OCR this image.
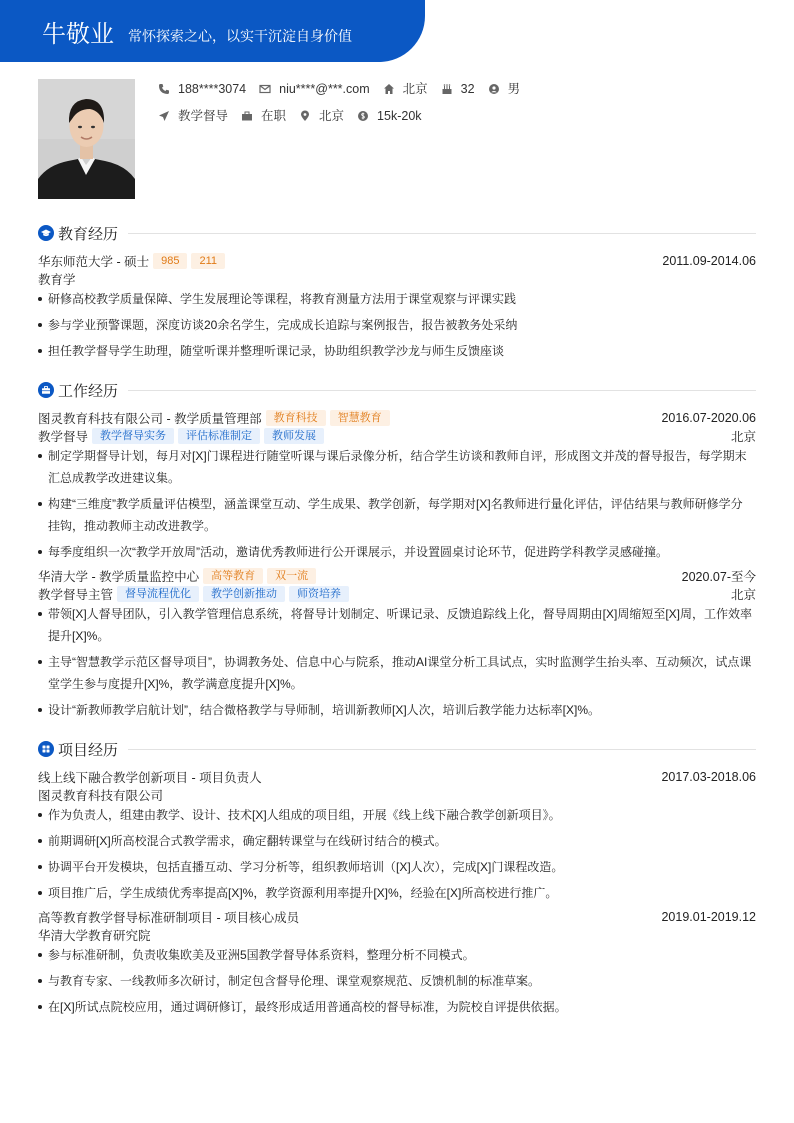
牛敬业 常怀探索之心，以实干沉淀自身价值
188****3074	niu****@***.com	北京	32	男
教学督导	在职	北京	15k-20k
教育经历
华东师范大学 - 硕士	985	211	2011.09-2014.06
教育学
研修高校教学质量保障、学生发展理论等课程，将教育测量方法用于课堂观察与评课实践
参与学业预警课题，深度访谈20余名学生，完成成长追踪与案例报告，报告被教务处采纳
担任教学督导学生助理，随堂听课并整理听课记录，协助组织教学沙龙与师生反馈座谈
工作经历
图灵教育科技有限公司 - 教学质量管理部	教育科技	智慧教育	2016.07-2020.06
教学督导	教学督导实务	评估标准制定	教师发展	北京
制定学期督导计划，每月对[X]门课程进行随堂听课与课后录像分析，结合学生访谈和教师自评，形成图文并茂的督导报告，每学期末汇总成教学改进建议集。
构建“三维度”教学质量评估模型，涵盖课堂互动、学生成果、教学创新，每学期对[X]名教师进行量化评估，评估结果与教师研修学分挂钩，推动教师主动改进教学。
每季度组织一次“教学开放周”活动，邀请优秀教师进行公开课展示，并设置圆桌讨论环节，促进跨学科教学灵感碰撞。
华清大学 - 教学质量监控中心	高等教育	双一流	2020.07-至今
教学督导主管	督导流程优化	教学创新推动	师资培养	北京
带领[X]人督导团队，引入教学管理信息系统，将督导计划制定、听课记录、反馈追踪线上化，督导周期由[X]周缩短至[X]周，工作效率提升[X]%。
主导“智慧教学示范区督导项目”，协调教务处、信息中心与院系，推动AI课堂分析工具试点，实时监测学生抬头率、互动频次，试点课堂学生参与度提升[X]%，教学满意度提升[X]%。
设计“新教师教学启航计划”，结合微格教学与导师制，培训新教师[X]人次，培训后教学能力达标率[X]%。
项目经历
线上线下融合教学创新项目 - 项目负责人	2017.03-2018.06
图灵教育科技有限公司
作为负责人，组建由教学、设计、技术[X]人组成的项目组，开展《线上线下融合教学创新项目》。
前期调研[X]所高校混合式教学需求，确定翻转课堂与在线研讨结合的模式。
协调平台开发模块，包括直播互动、学习分析等，组织教师培训（[X]人次），完成[X]门课程改造。
项目推广后，学生成绩优秀率提高[X]%，教学资源利用率提升[X]%，经验在[X]所高校进行推广。
高等教育教学督导标准研制项目 - 项目核心成员	2019.01-2019.12
华清大学教育研究院
参与标准研制，负责收集欧美及亚洲5国教学督导体系资料，整理分析不同模式。
与教育专家、一线教师多次研讨，制定包含督导伦理、课堂观察规范、反馈机制的标准草案。
在[X]所试点院校应用，通过调研修订，最终形成适用普通高校的督导标准，为院校自评提供依据。
